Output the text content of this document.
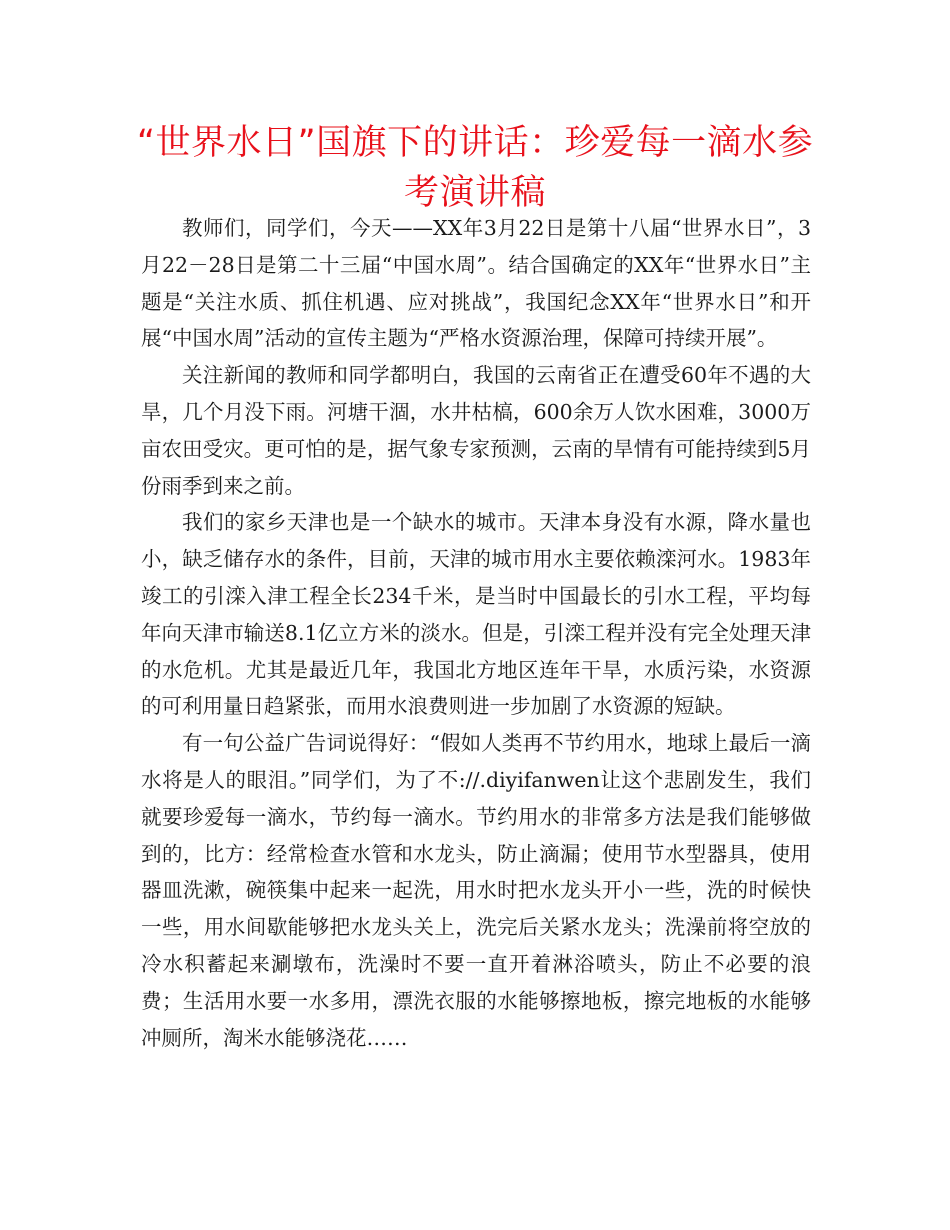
“世界水日”国旗下的讲话：珍爱每一滴水参考演讲稿

教师们，同学们，今天——XX年3月22日是第十八届“世界水日”，3月22－28日是第二十三届“中国水周”。结合国确定的XX年“世界水日”主题是“关注水质、抓住机遇、应对挑战”，我国纪念XX年“世界水日”和开展“中国水周”活动的宣传主题为“严格水资源治理，保障可持续开展”。

关注新闻的教师和同学都明白，我国的云南省正在遭受60年不遇的大旱，几个月没下雨。河塘干涸，水井枯槁，600余万人饮水困难，3000万亩农田受灾。更可怕的是，据气象专家预测，云南的旱情有可能持续到5月份雨季到来之前。

我们的家乡天津也是一个缺水的城市。天津本身没有水源，降水量也小，缺乏储存水的条件，目前，天津的城市用水主要依赖滦河水。1983年竣工的引滦入津工程全长234千米，是当时中国最长的引水工程，平均每年向天津市输送8.1亿立方米的淡水。但是，引滦工程并没有完全处理天津的水危机。尤其是最近几年，我国北方地区连年干旱，水质污染，水资源的可利用量日趋紧张，而用水浪费则进一步加剧了水资源的短缺。

有一句公益广告词说得好：“假如人类再不节约用水，地球上最后一滴水将是人的眼泪。”同学们，为了不:/​/.diyifanwen让这个悲剧发生，我们就要珍爱每一滴水，节约每一滴水。节约用水的非常多方法是我们能够做到的，比方：经常检查水管和水龙头，防止滴漏；使用节水型器具，使用器皿洗漱，碗筷集中起来一起洗，用水时把水龙头开小一些，洗的时候快一些，用水间歇能够把水龙头关上，洗完后关紧水龙头；洗澡前将空放的冷水积蓄起来涮墩布，洗澡时不要一直开着淋浴喷头，防止不必要的浪费；生活用水要一水多用，漂洗衣服的水能够擦地板，擦完地板的水能够冲厕所，淘米水能够浇花……
